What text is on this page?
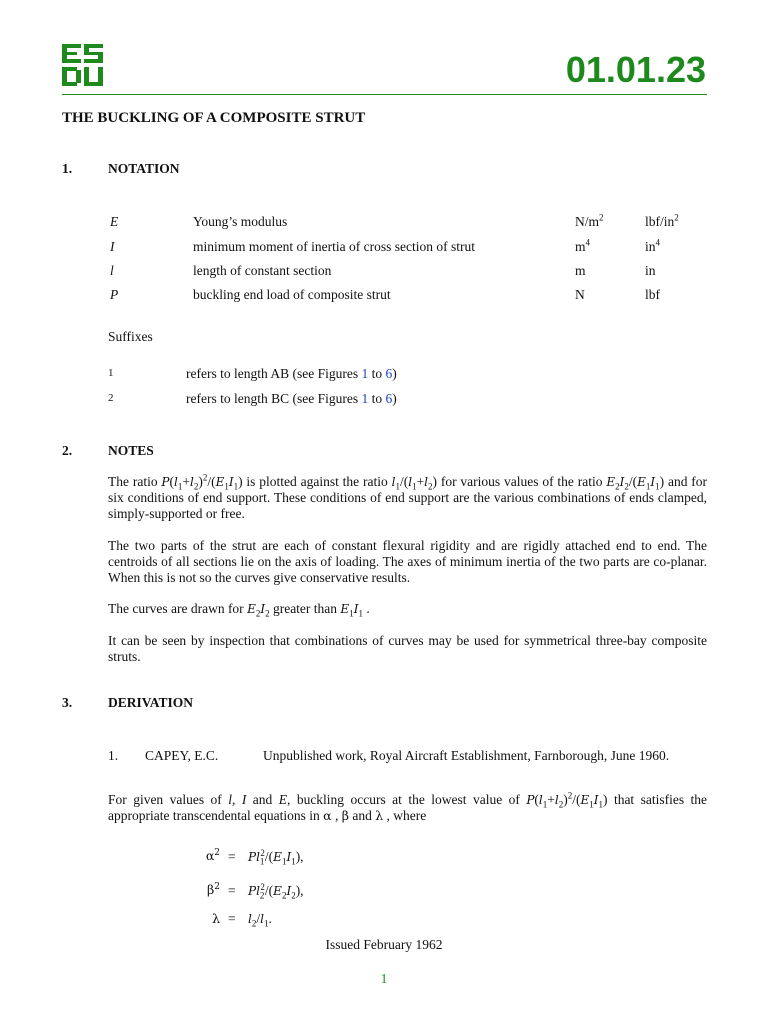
01.01.23
THE BUCKLING OF A COMPOSITE STRUT
1.	NOTATION
E	Young’s modulus	$N/m^2$	lbf/$in^2$
I	minimum moment of inertia of cross section of strut	$m^4$	$in^4$
l	length of constant section	m	in
P	buckling end load of composite strut	N	lbf
Suffixes
1	refers to length AB (see Figures 1 to 6)
2	refers to length BC (see Figures 1 to 6)
2.	NOTES
The ratio $P(l_1+l_2)^2/(E_1I_1)$ is plotted against the ratio $l_1/(l_1+l_2)$ for various values of the ratio $E_2I_2/(E_1I_1)$ and for six conditions of end support. These conditions of end support are the various combinations of ends clamped, simply-supported or free.
The two parts of the strut are each of constant flexural rigidity and are rigidly attached end to end. The centroids of all sections lie on the axis of loading. The axes of minimum inertia of the two parts are co-planar. When this is not so the curves give conservative results.
The curves are drawn for $E_2I_2$ greater than $E_1I_1$ .
It can be seen by inspection that combinations of curves may be used for symmetrical three-bay composite struts.
3.	DERIVATION
1. CAPEY, E.C.	Unpublished work, Royal Aircraft Establishment, Farnborough, June 1960.
For given values of l, I and E, buckling occurs at the lowest value of $P(l_1+l_2)^2/(E_1I_1)$ that satisfies the appropriate transcendental equations in α , β and λ , where
$\alpha^2 = Pl_1^2/(E_1I_1)$,
$\beta^2 = Pl_2^2/(E_2I_2)$,
$\lambda = l_2/l_1$.
Issued February 1962
1
